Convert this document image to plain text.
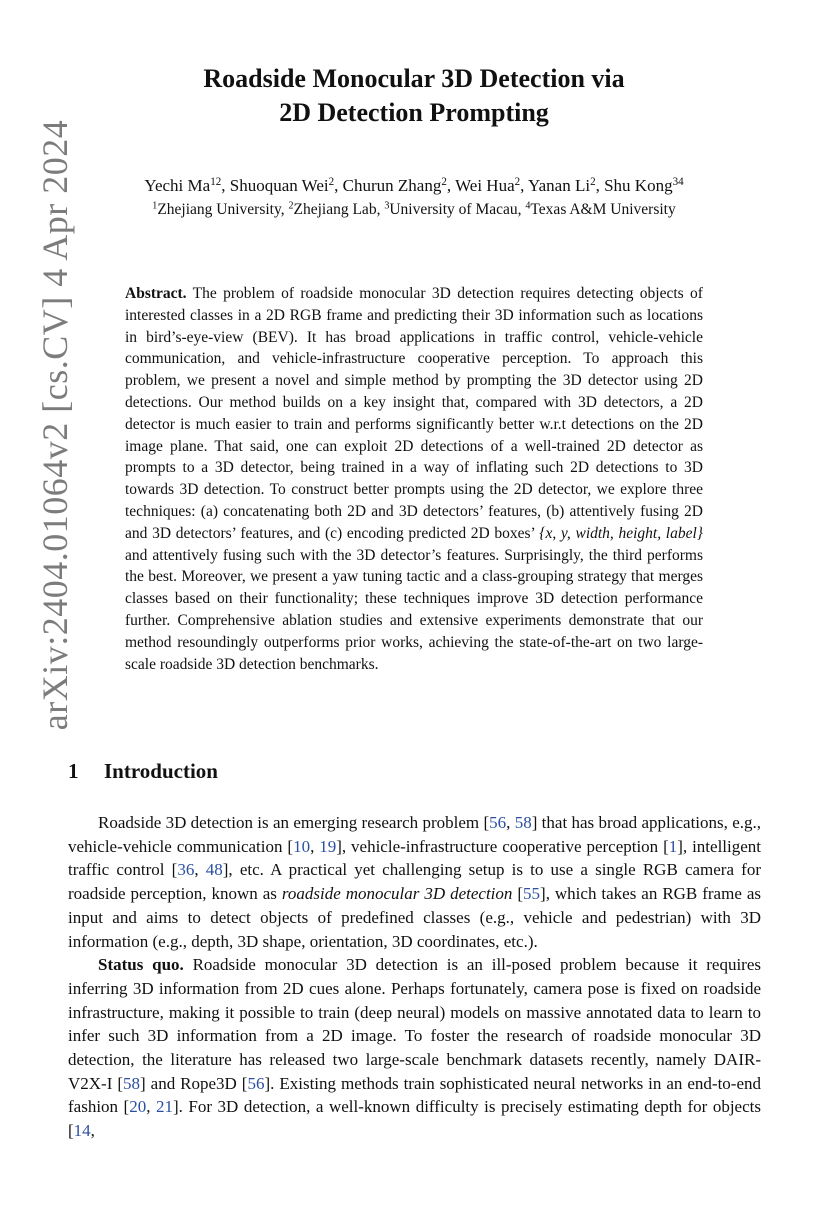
arXiv:2404.01064v2 [cs.CV] 4 Apr 2024
Roadside Monocular 3D Detection via
2D Detection Prompting
Yechi Ma$^{12}$, Shuoquan Wei$^2$, Churun Zhang$^2$, Wei Hua$^2$, Yanan Li$^2$, Shu Kong$^{34}$
$^1$Zhejiang University, $^2$Zhejiang Lab, $^3$University of Macau, $^4$Texas A&M University
Abstract. The problem of roadside monocular 3D detection requires detecting objects of interested classes in a 2D RGB frame and predicting their 3D information such as locations in bird’s-eye-view (BEV). It has broad applications in traffic control, vehicle-vehicle communication, and vehicle-infrastructure cooperative perception. To approach this problem, we present a novel and simple method by prompting the 3D detector using 2D detections. Our method builds on a key insight that, compared with 3D detectors, a 2D detector is much easier to train and performs significantly better w.r.t detections on the 2D image plane. That said, one can exploit 2D detections of a well-trained 2D detector as prompts to a 3D detector, being trained in a way of inflating such 2D detections to 3D towards 3D detection. To construct better prompts using the 2D detector, we explore three techniques: (a) concatenating both 2D and 3D detectors’ features, (b) attentively fusing 2D and 3D detectors’ features, and (c) encoding predicted 2D boxes’ {x, y, width, height, label} and attentively fusing such with the 3D detector’s features. Surprisingly, the third performs the best. Moreover, we present a yaw tuning tactic and a class-grouping strategy that merges classes based on their functionality; these techniques improve 3D detection performance further. Comprehensive ablation studies and extensive experiments demonstrate that our method resoundingly outperforms prior works, achieving the state-of-the-art on two large-scale roadside 3D detection benchmarks.
1 Introduction

Roadside 3D detection is an emerging research problem [56, 58] that has broad applications, e.g., vehicle-vehicle communication [10, 19], vehicle-infrastructure cooperative perception [1], intelligent traffic control [36, 48], etc. A practical yet challenging setup is to use a single RGB camera for roadside perception, known as roadside monocular 3D detection [55], which takes an RGB frame as input and aims to detect objects of predefined classes (e.g., vehicle and pedestrian) with 3D information (e.g., depth, 3D shape, orientation, 3D coordinates, etc.).

Status quo. Roadside monocular 3D detection is an ill-posed problem because it requires inferring 3D information from 2D cues alone. Perhaps fortunately, camera pose is fixed on roadside infrastructure, making it possible to train (deep neural) models on massive annotated data to learn to infer such 3D information from a 2D image. To foster the research of roadside monocular 3D detection, the literature has released two large-scale benchmark datasets recently, namely DAIR-V2X-I [58] and Rope3D [56]. Existing methods train sophisticated neural networks in an end-to-end fashion [20, 21]. For 3D detection, a well-known difficulty is precisely estimating depth for objects [14,
